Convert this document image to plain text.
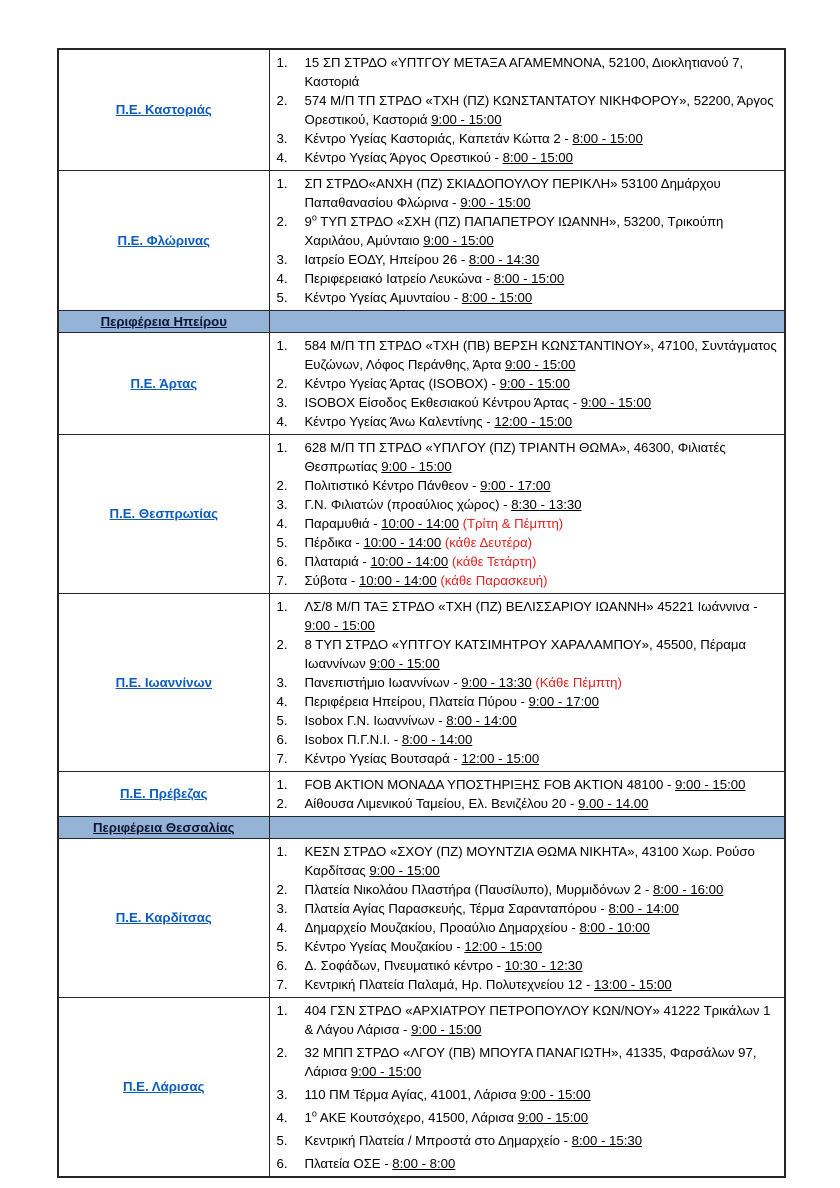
Π.Ε. Καστοριάς	
1.	15 ΣΠ ΣΤΡΔΟ «ΥΠΤΓΟΥ ΜΕΤΑΞΑ ΑΓΑΜΕΜΝΟΝΑ, 52100, Διοκλητιανού 7, Καστοριά
2.	574 Μ/Π ΤΠ ΣΤΡΔΟ «ΤΧΗ (ΠΖ) ΚΩΝΣΤΑΝΤΑΤΟΥ ΝΙΚΗΦΟΡΟΥ», 52200, Άργος Ορεστικού, Καστοριά 9:00 - 15:00
3.	Κέντρο Υγείας Καστοριάς, Καπετάν Κώττα 2 - 8:00 - 15:00
4.	Κέντρο Υγείας Άργος Ορεστικού - 8:00 - 15:00

Π.Ε. Φλώρινας	
1.	ΣΠ ΣΤΡΔΟ«ΑΝΧΗ (ΠΖ) ΣΚΙΑΔΟΠΟΥΛΟΥ ΠΕΡΙΚΛΗ» 53100 Δημάρχου Παπαθανασίου Φλώρινα - 9:00 - 15:00
2.	$9^o$ ΤΥΠ ΣΤΡΔΟ «ΣΧΗ (ΠΖ) ΠΑΠΑΠΕΤΡΟΥ ΙΩΑΝΝΗ», 53200, Τρικούπη Χαριλάου, Αμύνταιο 9:00 - 15:00
3.	Ιατρείο ΕΟΔΥ, Ηπείρου 26 - 8:00 - 14:30
4.	Περιφερειακό Ιατρείο Λευκώνα - 8:00 - 15:00
5.	Κέντρο Υγείας Αμυνταίου - 8:00 - 15:00

Περιφέρεια Ηπείρου	
Π.Ε. Άρτας	
1.	584 Μ/Π ΤΠ ΣΤΡΔΟ «ΤΧΗ (ΠΒ) ΒΕΡΣΗ ΚΩΝΣΤΑΝΤΙΝΟΥ», 47100, Συντάγματος Ευζώνων, Λόφος Περάνθης, Άρτα 9:00 - 15:00
2.	Κέντρο Υγείας Άρτας (ISOBOX) - 9:00 - 15:00
3.	ISOBOX Είσοδος Εκθεσιακού Κέντρου Άρτας - 9:00 - 15:00
4.	Κέντρο Υγείας Άνω Καλεντίνης - 12:00 - 15:00

Π.Ε. Θεσπρωτίας	
1.	628 Μ/Π ΤΠ ΣΤΡΔΟ «ΥΠΛΓΟΥ (ΠΖ) ΤΡΙΑΝΤΗ ΘΩΜΑ», 46300, Φιλιατές Θεσπρωτίας 9:00 - 15:00
2.	Πολιτιστικό Κέντρο Πάνθεον - 9:00 - 17:00
3.	Γ.Ν. Φιλιατών (προαύλιος χώρος) - 8:30 - 13:30
4.	Παραμυθιά - 10:00 - 14:00 (Τρίτη & Πέμπτη)
5.	Πέρδικα - 10:00 - 14:00 (κάθε Δευτέρα)
6.	Πλαταριά - 10:00 - 14:00 (κάθε Τετάρτη)
7.	Σύβοτα - 10:00 - 14:00 (κάθε Παρασκευή)

Π.Ε. Ιωαννίνων	
1.	ΛΣ/8 Μ/Π ΤΑΞ ΣΤΡΔΟ «ΤΧΗ (ΠΖ) ΒΕΛΙΣΣΑΡΙΟΥ ΙΩΑΝΝΗ» 45221 Ιωάννινα - 9:00 - 15:00
2.	8 ΤΥΠ ΣΤΡΔΟ «ΥΠΤΓΟΥ ΚΑΤΣΙΜΗΤΡΟΥ ΧΑΡΑΛΑΜΠΟΥ», 45500, Πέραμα Ιωαννίνων 9:00 - 15:00
3.	Πανεπιστήμιο Ιωαννίνων - 9:00 - 13:30 (Κάθε Πέμπτη)
4.	Περιφέρεια Ηπείρου, Πλατεία Πύρου - 9:00 - 17:00
5.	Isobox Γ.Ν. Ιωαννίνων - 8:00 - 14:00
6.	Isobox Π.Γ.Ν.Ι. - 8:00 - 14:00
7.	Κέντρο Υγείας Βουτσαρά - 12:00 - 15:00

Π.Ε. Πρέβεζας	1. FOB AKTION ΜΟΝΑΔΑ ΥΠΟΣΤΗΡΙΞΗΣ FOB AKTION 48100 - 9:00 - 15:00
2. Αίθουσα Λιμενικού Ταμείου, Ελ. Βενιζέλου 20 - 9.00 - 14.00

Περιφέρεια Θεσσαλίας	
Π.Ε. Καρδίτσας	
1.	ΚΕΣΝ ΣΤΡΔΟ «ΣΧΟΥ (ΠΖ) ΜΟΥΝΤΖΙΑ ΘΩΜΑ ΝΙΚΗΤΑ», 43100 Χωρ. Ρούσο Καρδίτσας 9:00 - 15:00
2.	Πλατεία Νικολάου Πλαστήρα (Παυσίλυπο), Μυρμιδόνων 2 - 8:00 - 16:00
3.	Πλατεία Αγίας Παρασκευής, Τέρμα Σαρανταπόρου - 8:00 - 14:00
4.	Δημαρχείο Μουζακίου, Προαύλιο Δημαρχείου - 8:00 - 10:00
5.	Κέντρο Υγείας Μουζακίου - 12:00 - 15:00
6.	Δ. Σοφάδων, Πνευματικό κέντρο - 10:30 - 12:30
7.	Κεντρική Πλατεία Παλαμά, Ηρ. Πολυτεχνείου 12 - 13:00 - 15:00

Π.Ε. Λάρισας	
1.	404 ΓΣΝ ΣΤΡΔΟ «ΑΡΧΙΑΤΡΟΥ ΠΕΤΡΟΠΟΥΛΟΥ ΚΩΝ/ΝΟΥ» 41222 Τρικάλων 1 & Λάγου Λάρισα - 9:00 - 15:00
2.	32 ΜΠΠ ΣΤΡΔΟ «ΛΓΟΥ (ΠΒ) ΜΠΟΥΓΑ ΠΑΝΑΓΙΩΤΗ», 41335, Φαρσάλων 97, Λάρισα 9:00 - 15:00
3.	110 ΠΜ Τέρμα Αγίας, 41001, Λάρισα 9:00 - 15:00
4.	$1^o$ ΑΚΕ Κουτσόχερο, 41500, Λάρισα 9:00 - 15:00
5.	Κεντρική Πλατεία / Μπροστά στο Δημαρχείο - 8:00 - 15:30
6.	Πλατεία ΟΣΕ - 8:00 - 8:00
